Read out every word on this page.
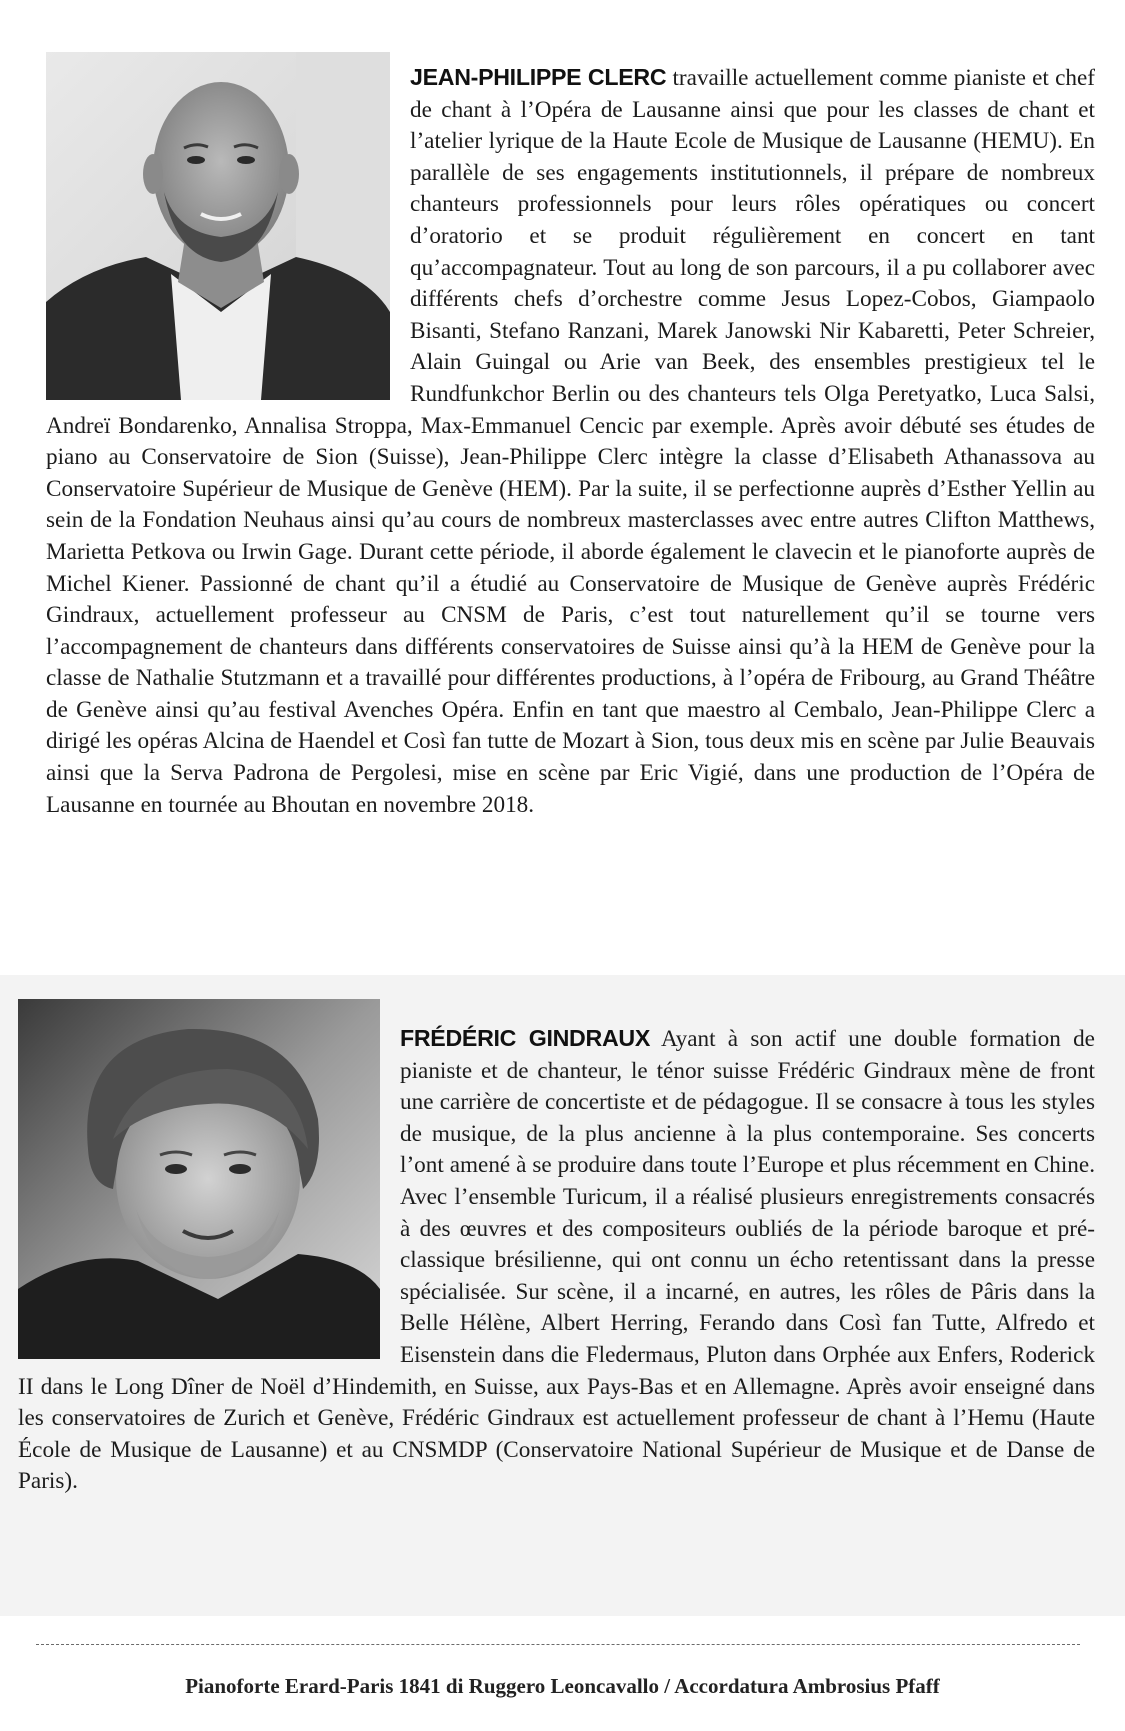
JEAN-PHILIPPE CLERC travaille actuellement comme pianiste et chef de chant à l’Opéra de Lausanne ainsi que pour les classes de chant et l’atelier lyrique de la Haute Ecole de Musique de Lausanne (HEMU). En parallèle de ses engagements institutionnels, il prépare de nombreux chanteurs professionnels pour leurs rôles opératiques ou concert d’oratorio et se produit régulièrement en concert en tant qu’accompagnateur. Tout au long de son parcours, il a pu collaborer avec différents chefs d’orchestre comme Jesus Lopez-Cobos, Giampaolo Bisanti, Stefano Ranzani, Marek Janowski Nir Kabaretti, Peter Schreier, Alain Guingal ou Arie van Beek, des ensembles prestigieux tel le Rundfunkchor Berlin ou des chanteurs tels Olga Peretyatko, Luca Salsi, Andreï Bondarenko, Annalisa Stroppa, Max-Emmanuel Cencic par exemple. Après avoir débuté ses études de piano au Conservatoire de Sion (Suisse), Jean-Philippe Clerc intègre la classe d’Elisabeth Athanassova au Conservatoire Supérieur de Musique de Genève (HEM). Par la suite, il se perfectionne auprès d’Esther Yellin au sein de la Fondation Neuhaus ainsi qu’au cours de nombreux masterclasses avec entre autres Clifton Matthews, Marietta Petkova ou Irwin Gage. Durant cette période, il aborde également le clavecin et le pianoforte auprès de Michel Kiener. Passionné de chant qu’il a étudié au Conservatoire de Musique de Genève auprès Frédéric Gindraux, actuellement professeur au CNSM de Paris, c’est tout naturellement qu’il se tourne vers l’accompagnement de chanteurs dans différents conservatoires de Suisse ainsi qu’à la HEM de Genève pour la classe de Nathalie Stutzmann et a travaillé pour différentes productions, à l’opéra de Fribourg, au Grand Théâtre de Genève ainsi qu’au festival Avenches Opéra. Enfin en tant que maestro al Cembalo, Jean-Philippe Clerc a dirigé les opéras Alcina de Haendel et Così fan tutte de Mozart à Sion, tous deux mis en scène par Julie Beauvais ainsi que la Serva Padrona de Pergolesi, mise en scène par Eric Vigié, dans une production de l’Opéra de Lausanne en tournée au Bhoutan en novembre 2018.

FRÉDÉRIC GINDRAUX Ayant à son actif une double formation de pianiste et de chanteur, le ténor suisse Frédéric Gindraux mène de front une carrière de concertiste et de pédagogue. Il se consacre à tous les styles de musique, de la plus ancienne à la plus contemporaine. Ses concerts l’ont amené à se produire dans toute l’Europe et plus récemment en Chine. Avec l’ensemble Turicum, il a réalisé plusieurs enregistrements consacrés à des œuvres et des compositeurs oubliés de la période baroque et pré-classique brésilienne, qui ont connu un écho retentissant dans la presse spécialisée. Sur scène, il a incarné, en autres, les rôles de Pâris dans la Belle Hélène, Albert Herring, Ferando dans Così fan Tutte, Alfredo et Eisenstein dans die Fledermaus, Pluton dans Orphée aux Enfers, Roderick II dans le Long Dîner de Noël d’Hindemith, en Suisse, aux Pays-Bas et en Allemagne. Après avoir enseigné dans les conservatoires de Zurich et Genève, Frédéric Gindraux est actuellement professeur de chant à l’Hemu (Haute École de Musique de Lausanne) et au CNSMDP (Conservatoire National Supérieur de Musique et de Danse de Paris).

Pianoforte Erard-Paris 1841 di Ruggero Leoncavallo / Accordatura Ambrosius Pfaff
